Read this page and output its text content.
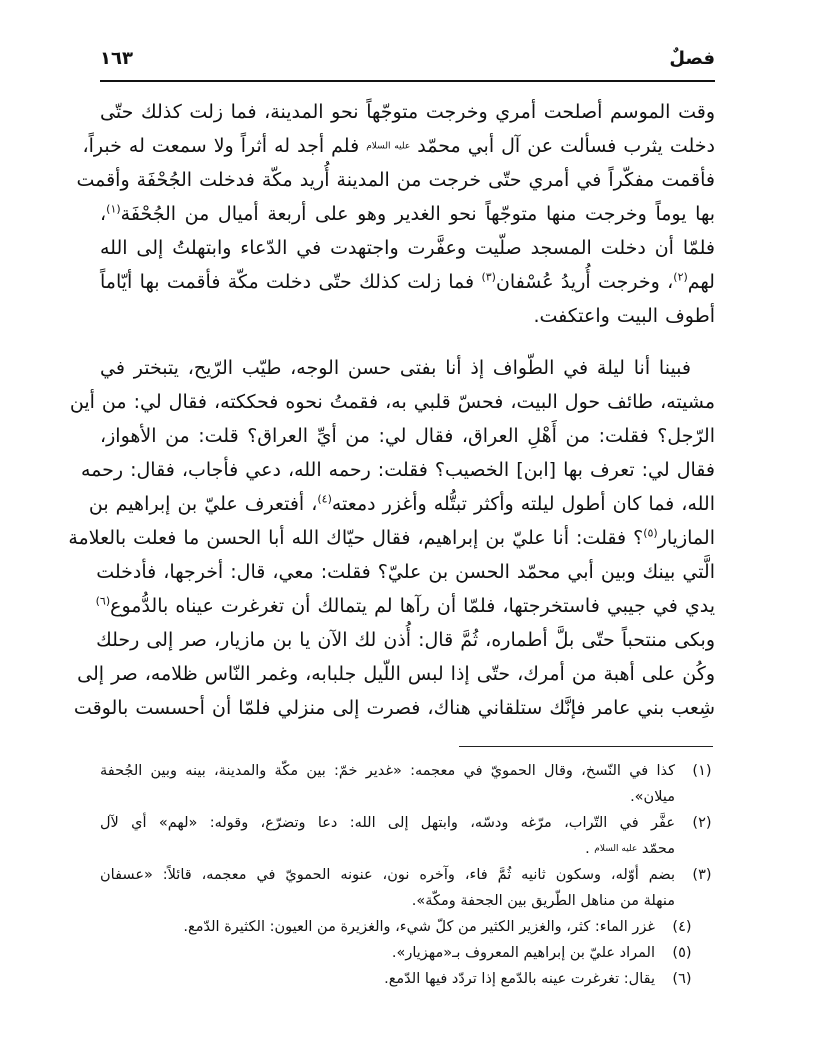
فصلٌ
١٦٣
وقت الموسم أصلحت أمري وخرجت متوجّهاً نحو المدينة، فما زلت كذلك حتّى
دخلت يثرب فسألت عن آل أبي محمّد عليه السلام فلم أجد له أثراً ولا سمعت له خبراً،
فأقمت مفكّراً في أمري حتّى خرجت من المدينة أُريد مكّة فدخلت الجُحْفَة وأقمت
بها يوماً وخرجت منها متوجّهاً نحو الغدير وهو على أربعة أميال من الجُحْفَة$^{(١)}$،
فلمّا أن دخلت المسجد صلّيت وعفَّرت واجتهدت في الدّعاء وابتهلتُ إلى الله
لهم$^{(٢)}$، وخرجت أُريدُ عُسْفان$^{(٣)}$ فما زلت كذلك حتّى دخلت مكّة فأقمت بها أيّاماً
أطوف البيت واعتكفت.
فبينا أنا ليلة في الطّواف إذ أنا بفتى حسن الوجه، طيّب الرّيح، يتبختر في
مشيته، طائف حول البيت، فحسّ قلبي به، فقمتُ نحوه فحككته، فقال لي: من أين
الرّجل؟ فقلت: من أَهْلِ العراق، فقال لي: من أيِّ العراق؟ قلت: من الأهواز،
فقال لي: تعرف بها [ابن] الخصيب؟ فقلت: رحمه الله، دعي فأجاب، فقال: رحمه
الله، فما كان أطول ليلته وأكثر تبتُّله وأغزر دمعته$^{(٤)}$، أفتعرف عليّ بن إبراهيم بن
المازيار$^{(٥)}$؟ فقلت: أنا عليّ بن إبراهيم، فقال حيّاك الله أبا الحسن ما فعلت بالعلامة
الَّتي بينك وبين أبي محمّد الحسن بن عليّ؟ فقلت: معي، قال: أخرجها، فأدخلت
يدي في جيبي فاستخرجتها، فلمّا أن رآها لم يتمالك أن تغرغرت عيناه بالدُّموع$^{(٦)}$
وبكى منتحباً حتّى بلَّ أطماره، ثُمَّ قال: أُذن لك الآن يا بن مازيار، صر إلى رحلك
وكُن على أهبة من أمرك، حتّى إذا لبس اللّيل جلبابه، وغمر النّاس ظلامه، صر إلى
شِعب بني عامر فإنَّك ستلقاني هناك، فصرت إلى منزلي فلمّا أن أحسست بالوقت
(١)
كذا في النّسخ، وقال الحمويّ في معجمه: «غدير خمّ: بين مكّة والمدينة، بينه وبين الجُحفة
ميلان».
(٢)
عفَّر في التّراب، مرّغه ودسّه، وابتهل إلى الله: دعا وتضرّع، وقوله: «لهم» أي لآل
محمّد عليه السلام .
(٣)
بضم أوّله، وسكون ثانيه ثُمَّ فاء، وآخره نون، عنونه الحمويّ في معجمه، قائلاً: «عسفان
منهلة من مناهل الطّريق بين الجحفة ومكّة».
(٤)
غزر الماء: كثر، والغزير الكثير من كلّ شيء، والغزيرة من العيون: الكثيرة الدّمع.
(٥)
المراد عليّ بن إبراهيم المعروف بـ«مهزيار».
(٦)
يقال: تغرغرت عينه بالدّمع إذا تردّد فيها الدّمع.
